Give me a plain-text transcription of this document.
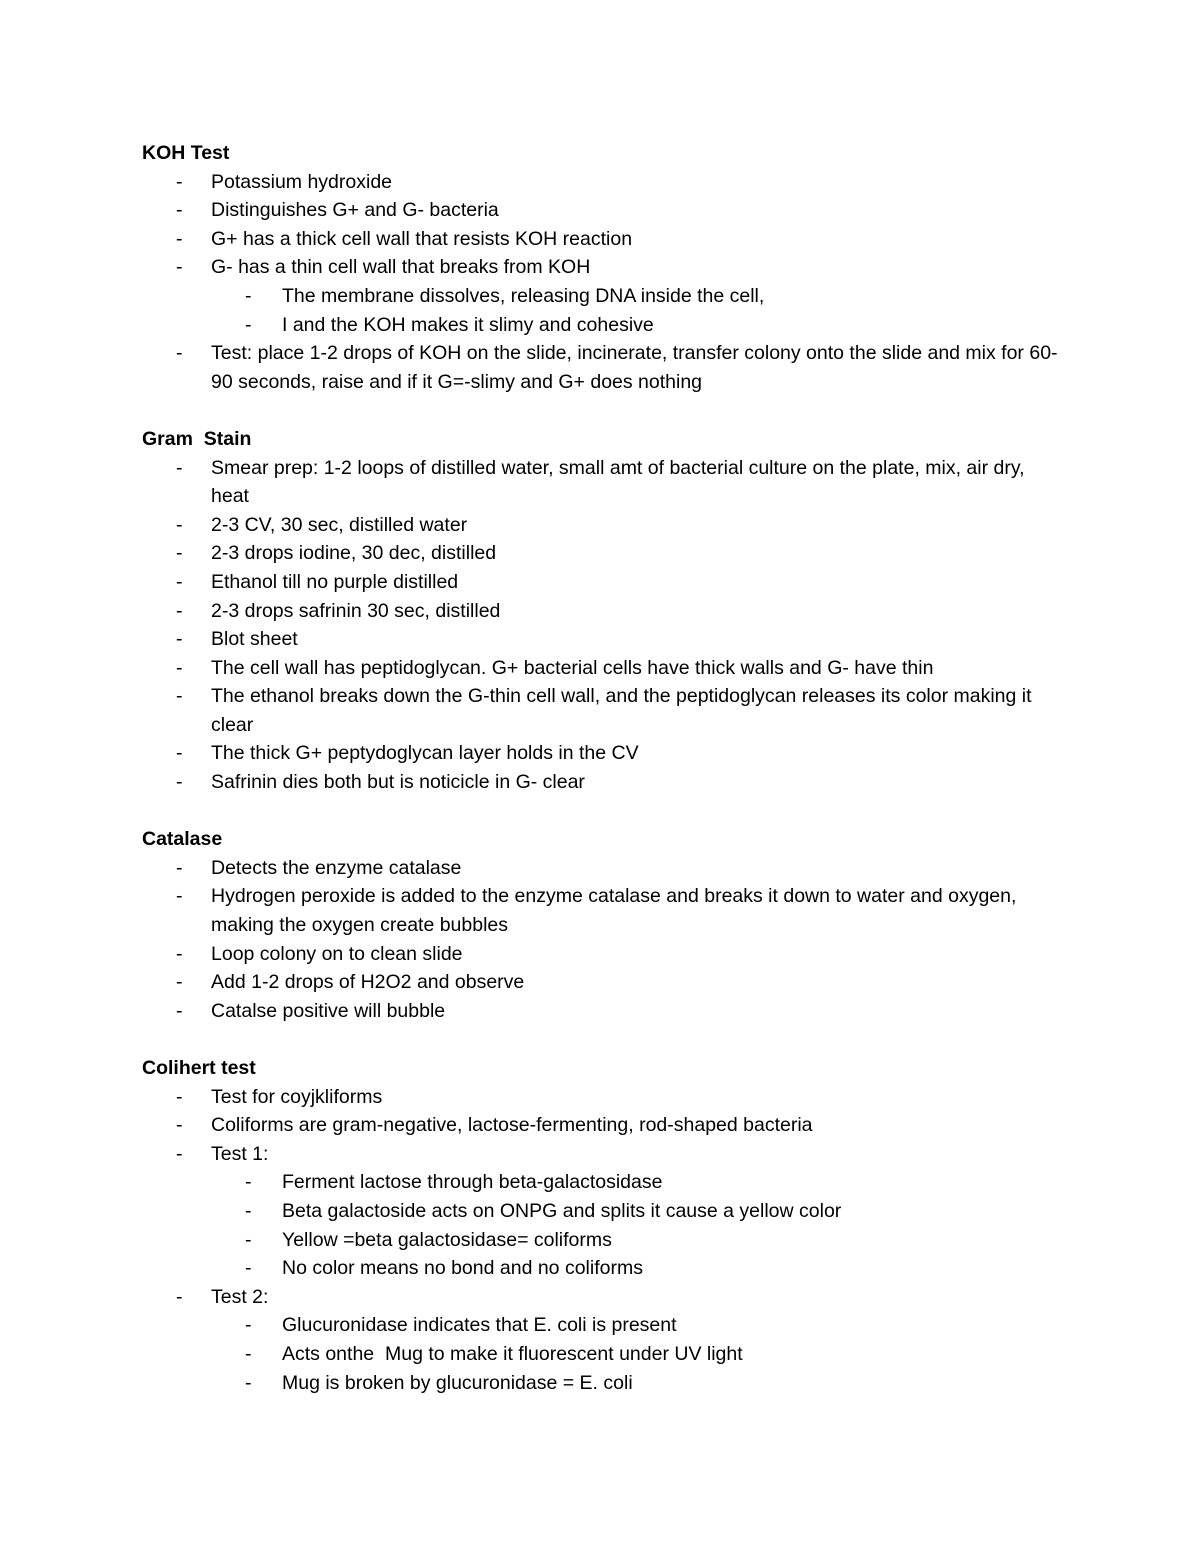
KOH Test
- Potassium hydroxide
- Distinguishes G+ and G- bacteria
- G+ has a thick cell wall that resists KOH reaction
- G- has a thin cell wall that breaks from KOH
- The membrane dissolves, releasing DNA inside the cell,
- I and the KOH makes it slimy and cohesive
- Test: place 1-2 drops of KOH on the slide, incinerate, transfer colony onto the slide and mix for 60-90 seconds, raise and if it G=-slimy and G+ does nothing
Gram  Stain
- Smear prep: 1-2 loops of distilled water, small amt of bacterial culture on the plate, mix, air dry, heat
- 2-3 CV, 30 sec, distilled water
- 2-3 drops iodine, 30 dec, distilled
- Ethanol till no purple distilled
- 2-3 drops safrinin 30 sec, distilled
- Blot sheet
- The cell wall has peptidoglycan. G+ bacterial cells have thick walls and G- have thin
- The ethanol breaks down the G-thin cell wall, and the peptidoglycan releases its color making it clear
- The thick G+ peptydoglycan layer holds in the CV
- Safrinin dies both but is noticicle in G- clear
Catalase
- Detects the enzyme catalase
- Hydrogen peroxide is added to the enzyme catalase and breaks it down to water and oxygen, making the oxygen create bubbles
- Loop colony on to clean slide
- Add 1-2 drops of H2O2 and observe
- Catalse positive will bubble
Colihert test
- Test for coyjkliforms
- Coliforms are gram-negative, lactose-fermenting, rod-shaped bacteria
- Test 1:
- Ferment lactose through beta-galactosidase
- Beta galactoside acts on ONPG and splits it cause a yellow color
- Yellow =beta galactosidase= coliforms
- No color means no bond and no coliforms
- Test 2:
- Glucuronidase indicates that E. coli is present
- Acts onthe  Mug to make it fluorescent under UV light
- Mug is broken by glucuronidase = E. coli
